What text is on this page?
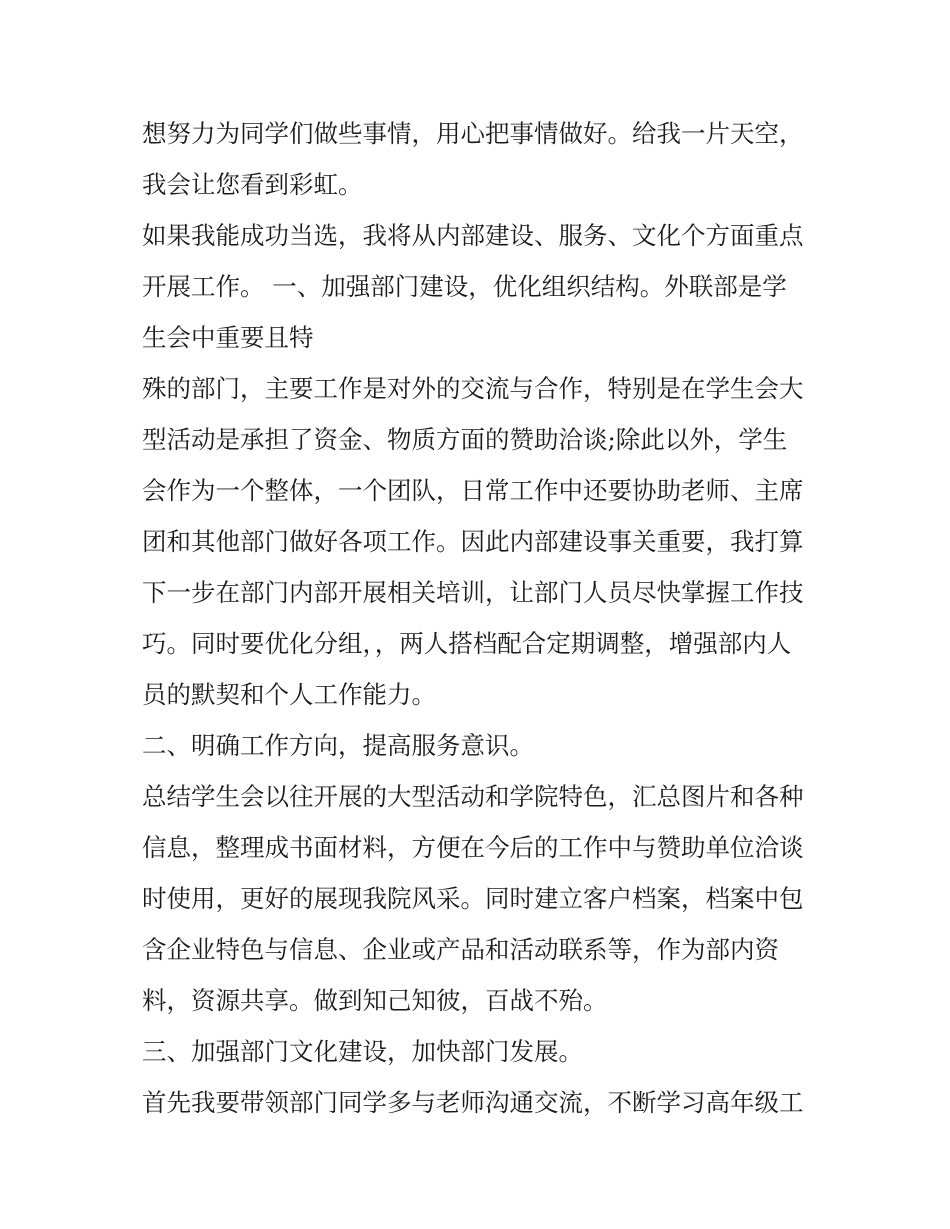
想努力为同学们做些事情，用心把事情做好。给我一片天空，
我会让您看到彩虹。
如果我能成功当选，我将从内部建设、服务、文化个方面重点
开展工作。 一、加强部门建设，优化组织结构。外联部是学
生会中重要且特
殊的部门，主要工作是对外的交流与合作，特别是在学生会大
型活动是承担了资金、物质方面的赞助洽谈;除此以外，学生
会作为一个整体，一个团队，日常工作中还要协助老师、主席
团和其他部门做好各项工作。因此内部建设事关重要，我打算
下一步在部门内部开展相关培训，让部门人员尽快掌握工作技
巧。同时要优化分组，，两人搭档配合定期调整，增强部内人
员的默契和个人工作能力。
二、明确工作方向，提高服务意识。
总结学生会以往开展的大型活动和学院特色，汇总图片和各种
信息，整理成书面材料，方便在今后的工作中与赞助单位洽谈
时使用，更好的展现我院风采。同时建立客户档案，档案中包
含企业特色与信息、企业或产品和活动联系等，作为部内资
料，资源共享。做到知己知彼，百战不殆。
三、加强部门文化建设，加快部门发展。
首先我要带领部门同学多与老师沟通交流，不断学习高年级工
